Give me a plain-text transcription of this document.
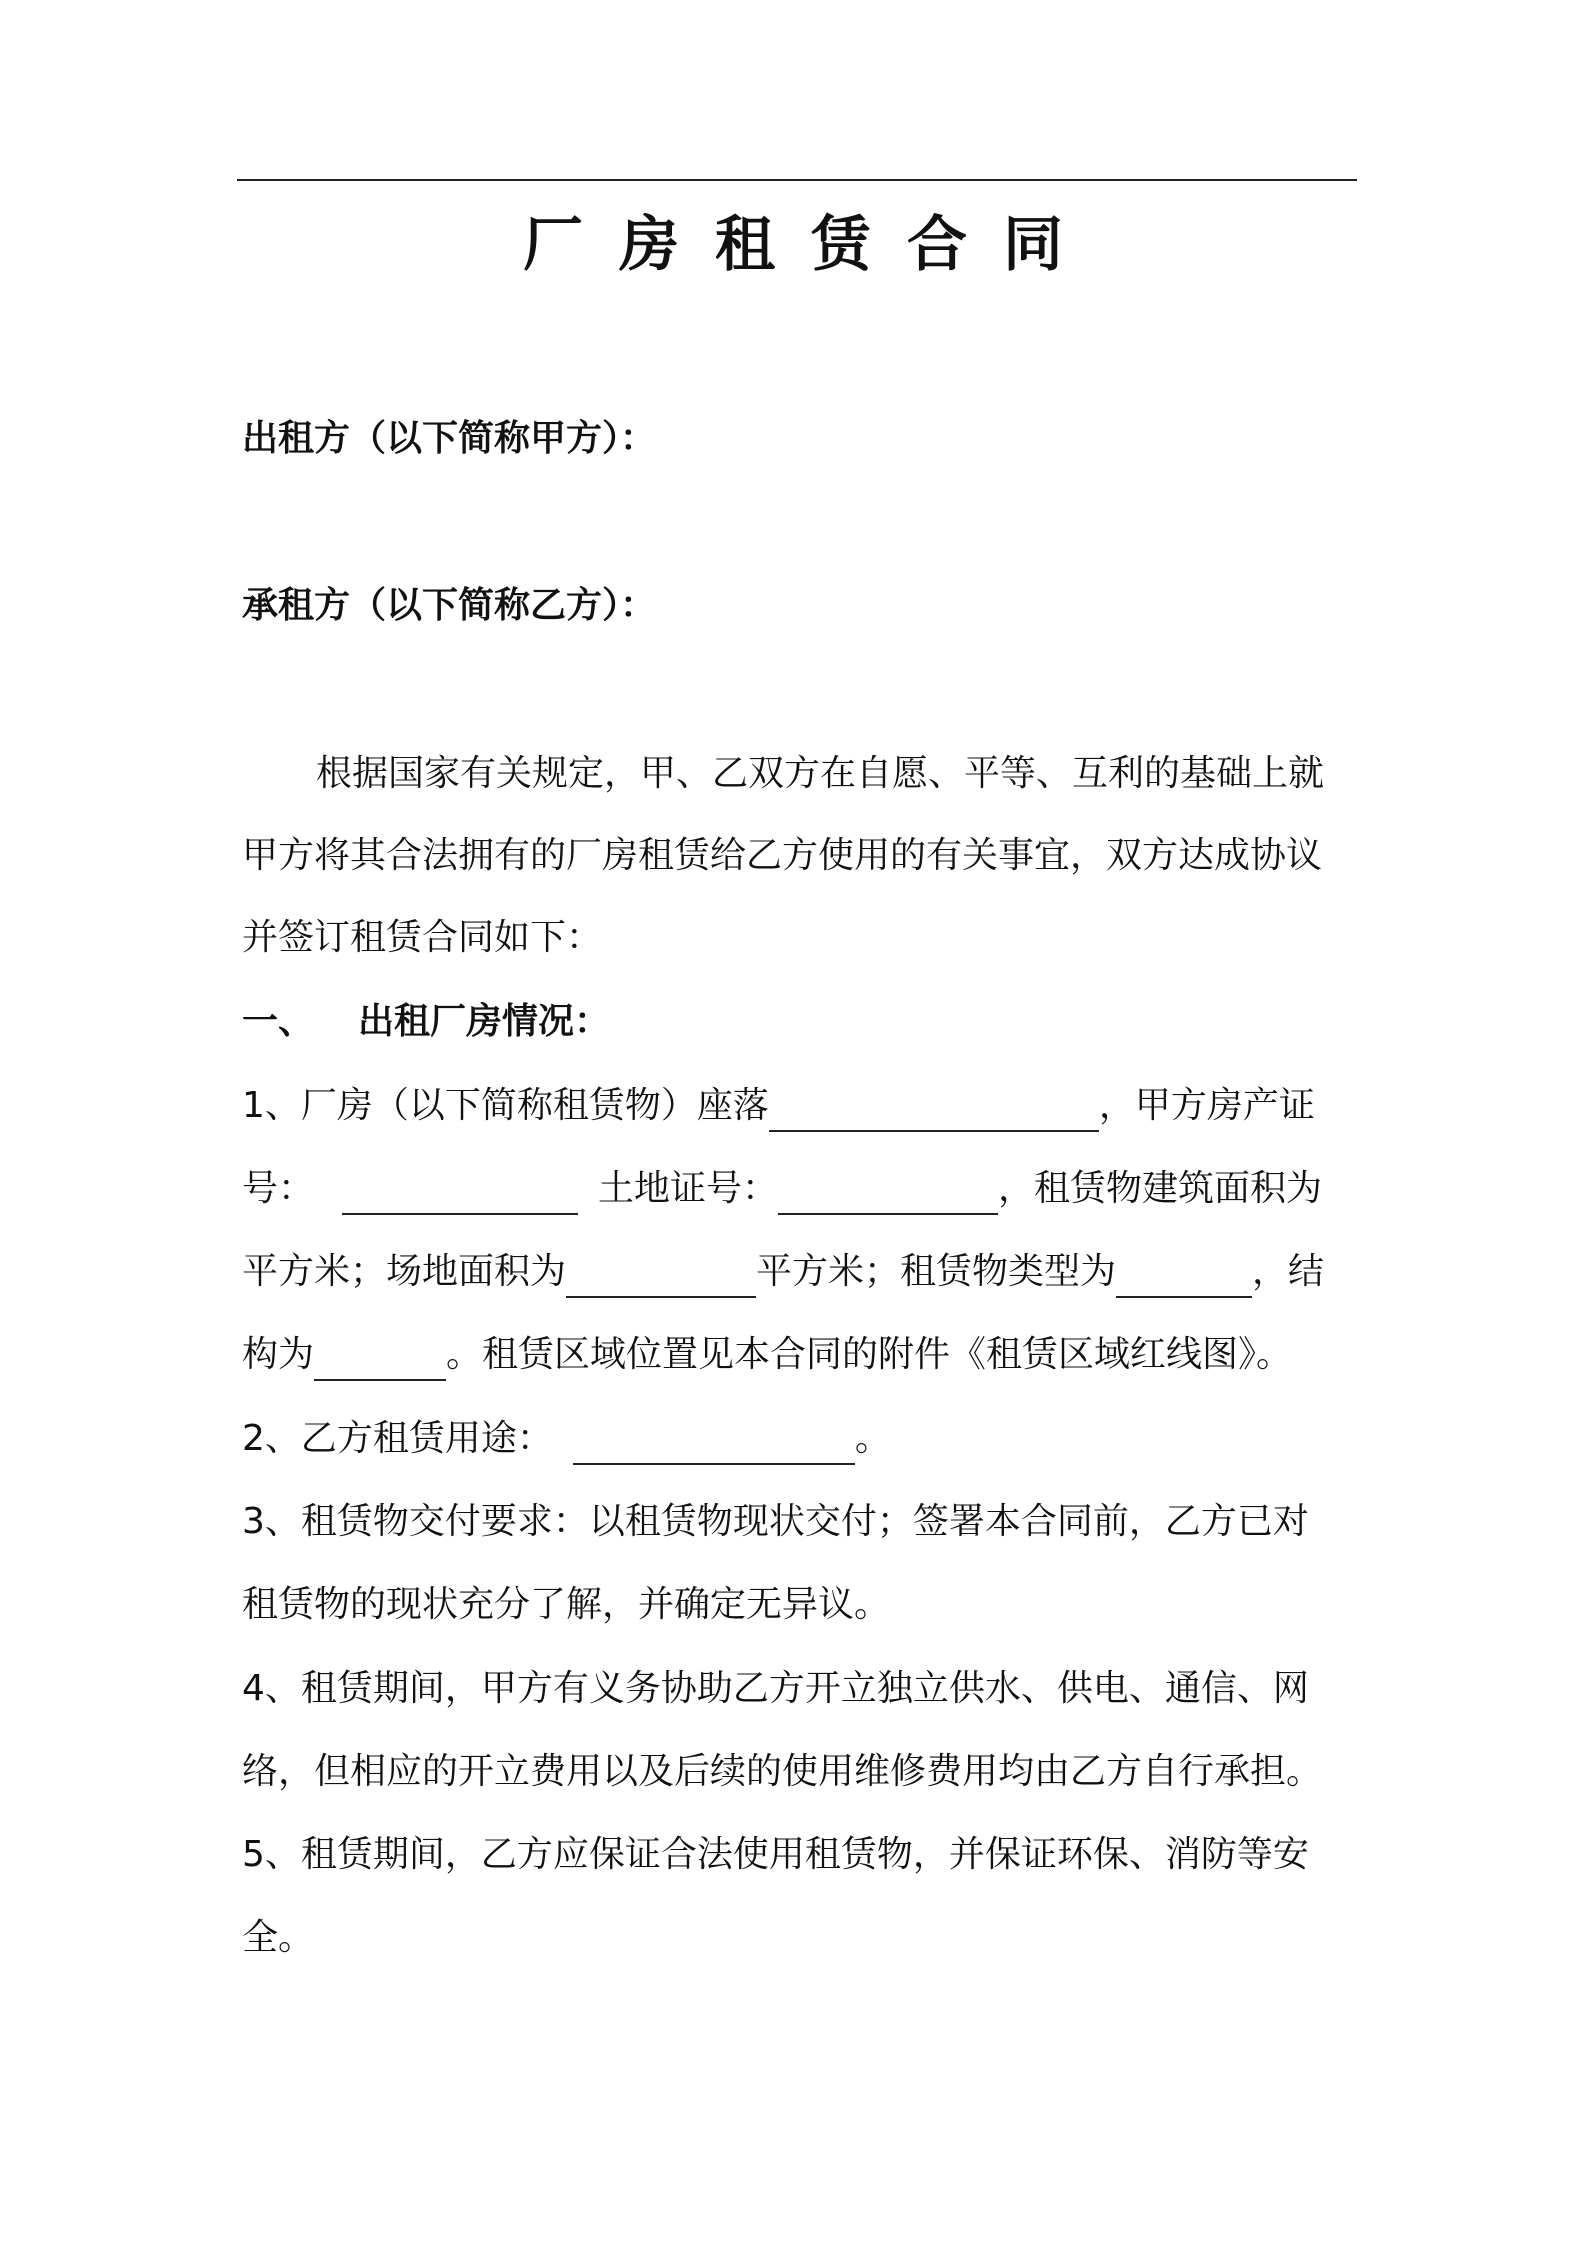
厂房租赁合同
出租方（以下简称甲方）：
承租方（以下简称乙方）：
根据国家有关规定，甲、乙双方在自愿、平等、互利的基础上就
甲方将其合法拥有的厂房租赁给乙方使用的有关事宜，双方达成协议
并签订租赁合同如下：
一、 出租厂房情况：
1、厂房（以下简称租赁物）座落	，甲方房产证
号：	土地证号：	，租赁物建筑面积为
平方米；场地面积为	平方米；租赁物类型为	，结
构为	。租赁区域位置见本合同的附件《租赁区域红线图》。
2、乙方租赁用途：	。
3、租赁物交付要求：以租赁物现状交付；签署本合同前，乙方已对
租赁物的现状充分了解，并确定无异议。
4、租赁期间，甲方有义务协助乙方开立独立供水、供电、通信、网
络，但相应的开立费用以及后续的使用维修费用均由乙方自行承担。
5、租赁期间，乙方应保证合法使用租赁物，并保证环保、消防等安
全。
